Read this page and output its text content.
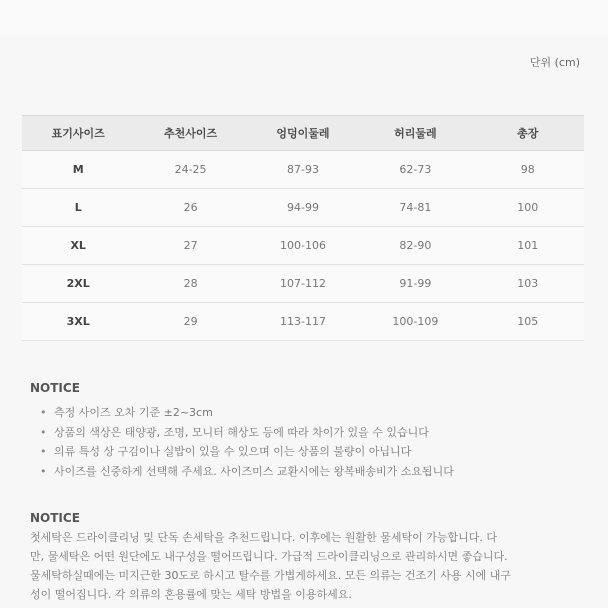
단위 (cm)
표기사이즈	추천사이즈	엉덩이둘레	허리둘레	총장
M	24-25	87-93	62-73	98
L	26	94-99	74-81	100
XL	27	100-106	82-90	101
2XL	28	107-112	91-99	103
3XL	29	113-117	100-109	105
NOTICE
• 측정 사이즈 오차 기준 ±2~3cm
• 상품의 색상은 태양광, 조명, 모니터 해상도 등에 따라 차이가 있을 수 있습니다
• 의류 특성 상 구김이나 실밥이 있을 수 있으며 이는 상품의 불량이 아닙니다
• 사이즈를 신중하게 선택해 주세요. 사이즈미스 교환시에는 왕복배송비가 소요됩니다
NOTICE
첫세탁은 드라이클리닝 및 단독 손세탁을 추천드립니다. 이후에는 원활한 물세탁이 가능합니다. 다
만, 물세탁은 어떤 원단에도 내구성을 떨어뜨립니다. 가급적 드라이클리닝으로 관리하시면 좋습니다.
물세탁하실때에는 미지근한 30도로 하시고 탈수를 가볍게하세요. 모든 의류는 건조기 사용 시에 내구
성이 떨어집니다. 각 의류의 혼용률에 맞는 세탁 방법을 이용하세요.
